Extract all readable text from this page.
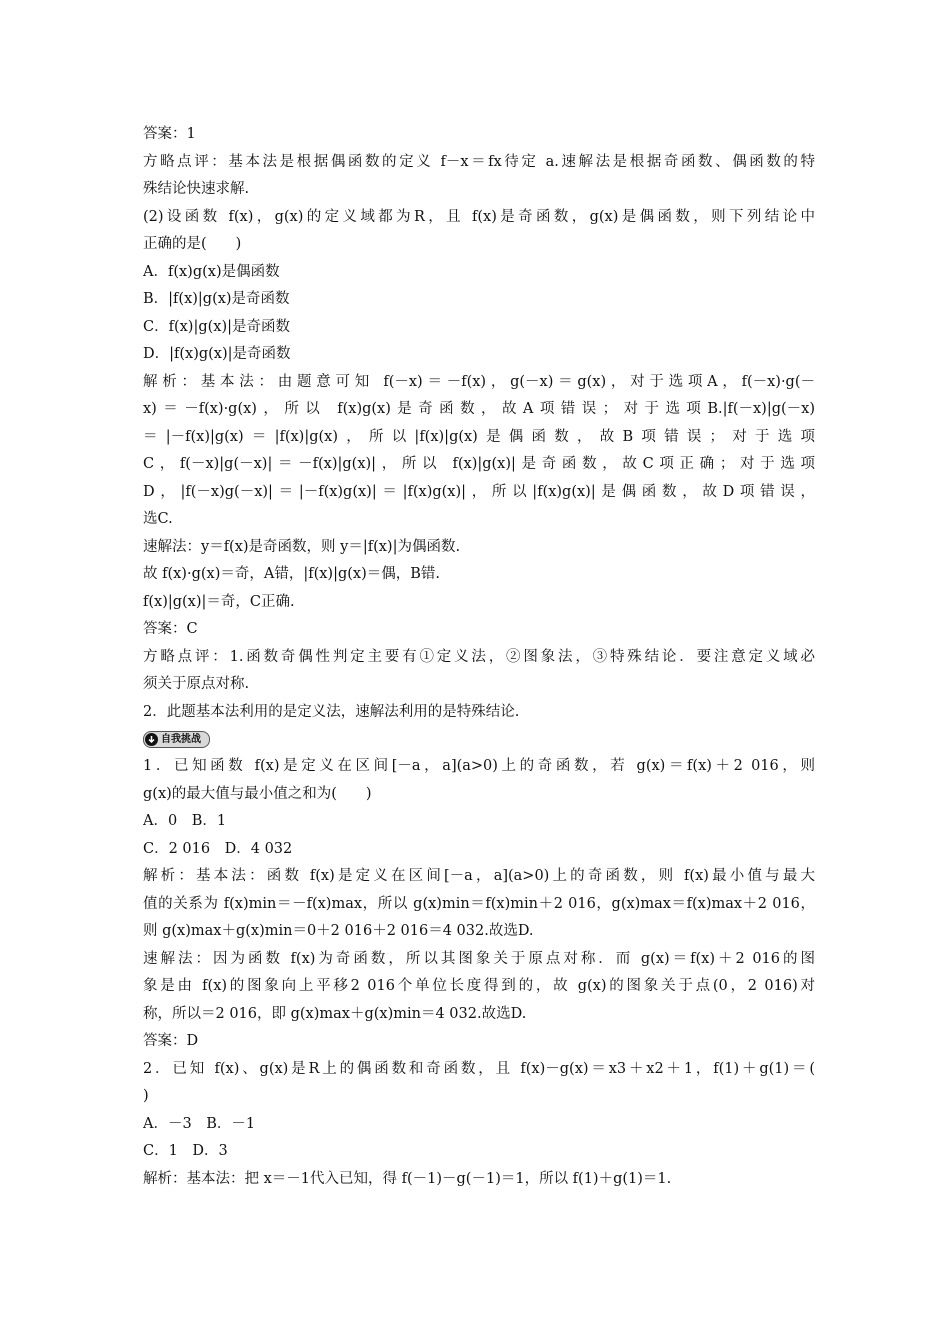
答案：1
方略点评：基本法是根据偶函数的定义 f－x＝fx待定 a.速解法是根据奇函数、偶函数的特
殊结论快速求解.
(2)设函数 f(x)，g(x)的定义域都为R，且 f(x)是奇函数，g(x)是偶函数，则下列结论中
正确的是(　　)
A．f(x)g(x)是偶函数
B．|f(x)|g(x)是奇函数
C．f(x)|g(x)|是奇函数
D．|f(x)g(x)|是奇函数
解析：基本法：由题意可知 f(－x)＝－f(x)，g(－x)＝g(x)，对于选项A，f(－x)·g(－
x)＝－f(x)·g(x)，所以 f(x)g(x)是奇函数，故A项错误；对于选项B.|f(－x)|g(－x)
＝|－f(x)|g(x)＝|f(x)|g(x)，所以|f(x)|g(x)是偶函数，故B项错误；对于选项
C，f(－x)|g(－x)|＝－f(x)|g(x)|，所以 f(x)|g(x)|是奇函数，故C项正确；对于选项
D，|f(－x)g(－x)|＝|－f(x)g(x)|＝|f(x)g(x)|，所以|f(x)g(x)|是偶函数，故D项错误，
选C.
速解法：y＝f(x)是奇函数，则 y＝|f(x)|为偶函数.
故 f(x)·g(x)＝奇，A错，|f(x)|g(x)＝偶，B错.
f(x)|g(x)|＝奇，C正确.
答案：C
方略点评：1.函数奇偶性判定主要有①定义法，②图象法，③特殊结论．要注意定义域必
须关于原点对称.
2．此题基本法利用的是定义法，速解法利用的是特殊结论.
自我挑战
1．已知函数 f(x)是定义在区间[－a，a](a>0)上的奇函数，若 g(x)＝f(x)＋2 016，则
g(x)的最大值与最小值之和为(　　)
A．0　B．1
C．2 016　D．4 032
解析：基本法：函数 f(x)是定义在区间[－a，a](a>0)上的奇函数，则 f(x)最小值与最大
值的关系为 f(x)min＝－f(x)max，所以 g(x)min＝f(x)min＋2 016，g(x)max＝f(x)max＋2 016，
则 g(x)max＋g(x)min＝0＋2 016＋2 016＝4 032.故选D.
速解法：因为函数 f(x)为奇函数，所以其图象关于原点对称．而 g(x)＝f(x)＋2 016的图
象是由 f(x)的图象向上平移2 016个单位长度得到的，故 g(x)的图象关于点(0，2 016)对
称，所以＝2 016，即 g(x)max＋g(x)min＝4 032.故选D.
答案：D
2．已知 f(x)、g(x)是R上的偶函数和奇函数，且 f(x)－g(x)＝x3＋x2＋1，f(1)＋g(1)＝(
)
A．－3　B．－1
C．1　D．3
解析：基本法：把 x＝－1代入已知，得 f(－1)－g(－1)＝1，所以 f(1)＋g(1)＝1.
